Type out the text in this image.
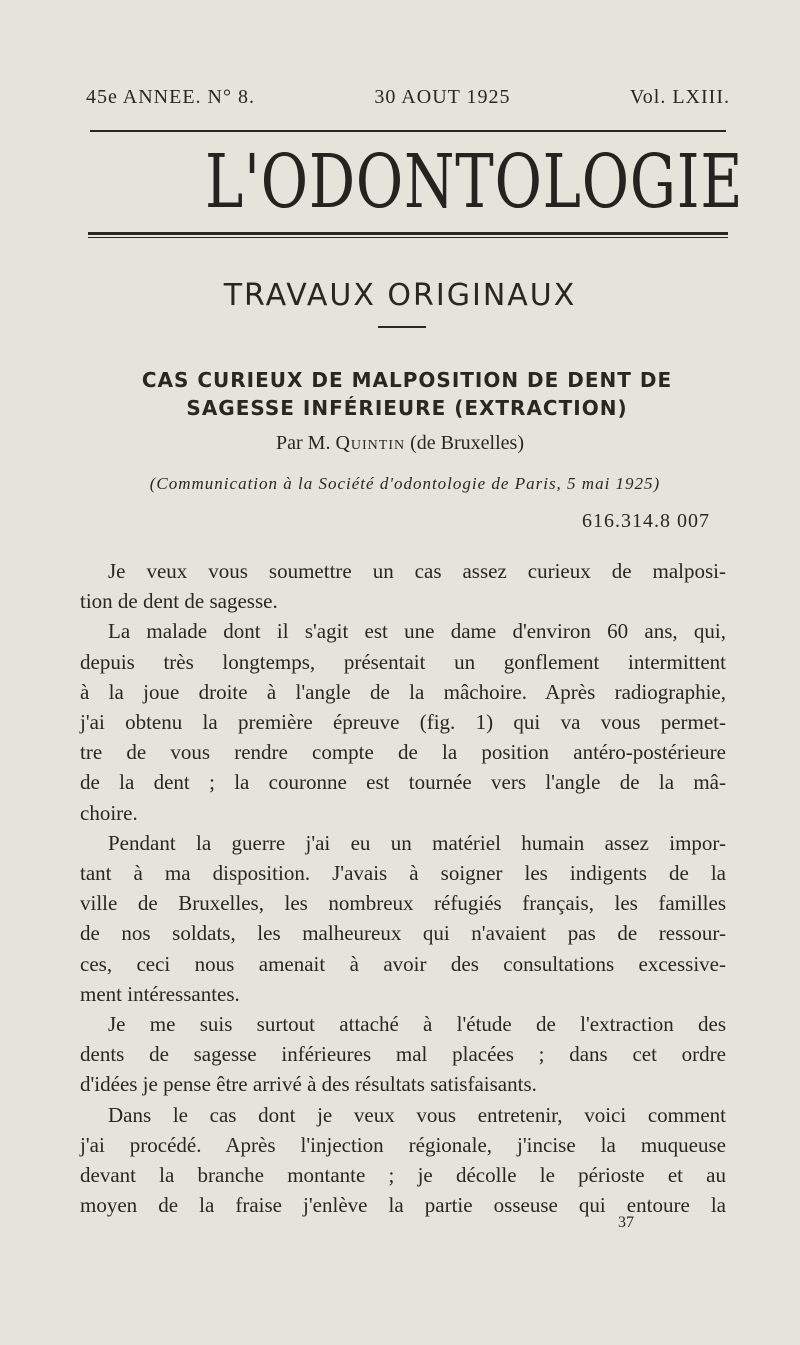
45e ANNEE. N° 8.	30 AOUT 1925	Vol. LXIII.
L'ODONTOLOGIE
TRAVAUX ORIGINAUX
CAS CURIEUX DE MALPOSITION DE DENT DE
SAGESSE INFÉRIEURE (EXTRACTION)
Par M. Quintin (de Bruxelles)
(Communication à la Société d'odontologie de Paris, 5 mai 1925)
616.314.8 007
Je veux vous soumettre un cas assez curieux de malposi-
tion de dent de sagesse.
La malade dont il s'agit est une dame d'environ 60 ans, qui,
depuis très longtemps, présentait un gonflement intermittent
à la joue droite à l'angle de la mâchoire. Après radiographie,
j'ai obtenu la première épreuve (fig. 1) qui va vous permet-
tre de vous rendre compte de la position antéro-postérieure
de la dent ; la couronne est tournée vers l'angle de la mâ-
choire.
Pendant la guerre j'ai eu un matériel humain assez impor-
tant à ma disposition. J'avais à soigner les indigents de la
ville de Bruxelles, les nombreux réfugiés français, les familles
de nos soldats, les malheureux qui n'avaient pas de ressour-
ces, ceci nous amenait à avoir des consultations excessive-
ment intéressantes.
Je me suis surtout attaché à l'étude de l'extraction des
dents de sagesse inférieures mal placées ; dans cet ordre
d'idées je pense être arrivé à des résultats satisfaisants.
Dans le cas dont je veux vous entretenir, voici comment
j'ai procédé. Après l'injection régionale, j'incise la muqueuse
devant la branche montante ; je décolle le périoste et au
moyen de la fraise j'enlève la partie osseuse qui entoure la
37
